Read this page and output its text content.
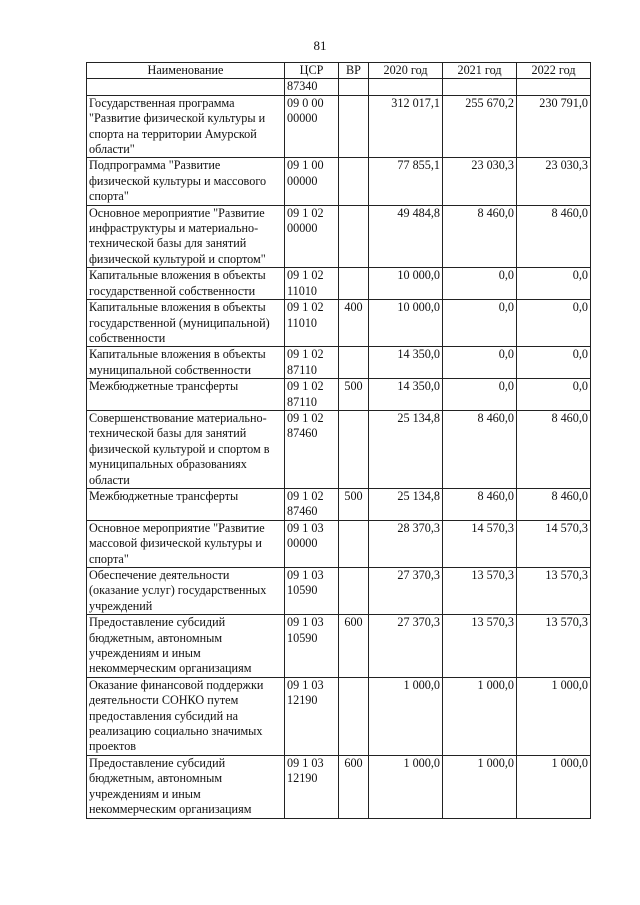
81
Наименование	ЦСР	ВР	2020 год	2021 год	2022 год
	87340				
Государственная программа "Развитие физической культуры и спорта на территории Амурской области"	09 0 00 00000		312 017,1	255 670,2	230 791,0
Подпрограмма "Развитие физической культуры и массового спорта"	09 1 00 00000		77 855,1	23 030,3	23 030,3
Основное мероприятие "Развитие инфраструктуры и материально-технической базы для занятий физической культурой и спортом"	09 1 02 00000		49 484,8	8 460,0	8 460,0
Капитальные вложения в объекты государственной собственности	09 1 02 11010		10 000,0	0,0	0,0
Капитальные вложения в объекты государственной (муниципальной) собственности	09 1 02 11010	400	10 000,0	0,0	0,0
Капитальные вложения в объекты муниципальной собственности	09 1 02 87110		14 350,0	0,0	0,0
Межбюджетные трансферты	09 1 02 87110	500	14 350,0	0,0	0,0
Совершенствование материально-технической базы для занятий физической культурой и спортом в муниципальных образованиях области	09 1 02 87460		25 134,8	8 460,0	8 460,0
Межбюджетные трансферты	09 1 02 87460	500	25 134,8	8 460,0	8 460,0
Основное мероприятие "Развитие массовой физической культуры и спорта"	09 1 03 00000		28 370,3	14 570,3	14 570,3
Обеспечение деятельности (оказание услуг) государственных учреждений	09 1 03 10590		27 370,3	13 570,3	13 570,3
Предоставление субсидий бюджетным, автономным учреждениям и иным некоммерческим организациям	09 1 03 10590	600	27 370,3	13 570,3	13 570,3
Оказание финансовой поддержки деятельности СОНКО путем предоставления субсидий на реализацию социально значимых проектов	09 1 03 12190		1 000,0	1 000,0	1 000,0
Предоставление субсидий бюджетным, автономным учреждениям и иным некоммерческим организациям	09 1 03 12190	600	1 000,0	1 000,0	1 000,0
